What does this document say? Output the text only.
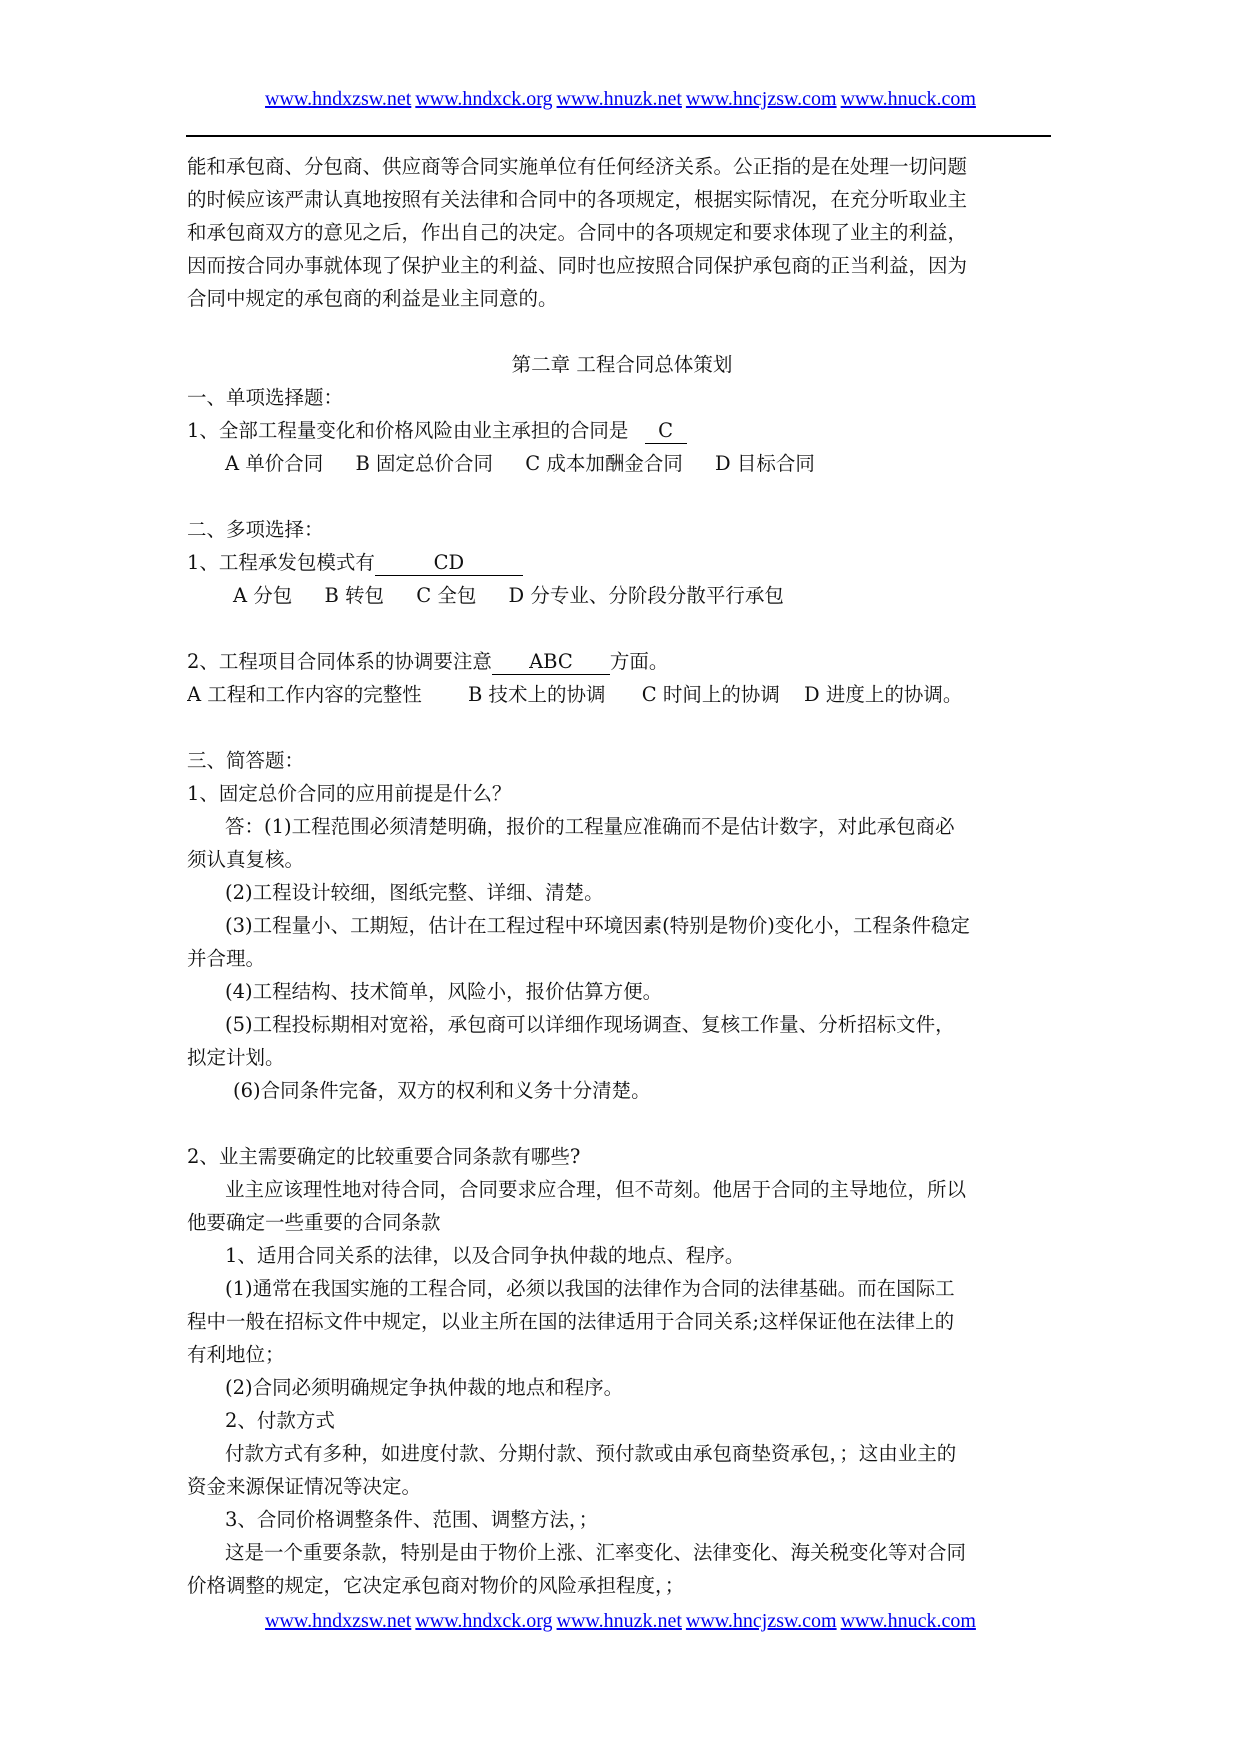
www.hndxzsw.net www.hndxck.org www.hnuzk.net www.hncjzsw.com www.hnuck.com
能和承包商、分包商、供应商等合同实施单位有任何经济关系。公正指的是在处理一切问题
的时候应该严肃认真地按照有关法律和合同中的各项规定，根据实际情况，在充分听取业主
和承包商双方的意见之后，作出自己的决定。合同中的各项规定和要求体现了业主的利益，
因而按合同办事就体现了保护业主的利益、同时也应按照合同保护承包商的正当利益，因为
合同中规定的承包商的利益是业主同意的。
第二章 工程合同总体策划
一、单项选择题：
1、全部工程量变化和价格风险由业主承担的合同是 C
A 单价合同 B 固定总价合同 C 成本加酬金合同 D 目标合同
二、多项选择：
1、工程承发包模式有	CD
A 分包 B 转包 C 全包 D 分专业、分阶段分散平行承包
2、工程项目合同体系的协调要注意 ABC 方面。
A 工程和工作内容的完整性 B 技术上的协调 C 时间上的协调 D 进度上的协调。
三、简答题：
1、固定总价合同的应用前提是什么？
答：(1)工程范围必须清楚明确，报价的工程量应准确而不是估计数字，对此承包商必
须认真复核。
(2)工程设计较细，图纸完整、详细、清楚。
(3)工程量小、工期短，估计在工程过程中环境因素(特别是物价)变化小，工程条件稳定
并合理。
(4)工程结构、技术简单，风险小，报价估算方便。
(5)工程投标期相对宽裕，承包商可以详细作现场调查、复核工作量、分析招标文件，
拟定计划。
(6)合同条件完备，双方的权利和义务十分清楚。
2、业主需要确定的比较重要合同条款有哪些?
业主应该理性地对待合同，合同要求应合理，但不苛刻。他居于合同的主导地位，所以
他要确定一些重要的合同条款
1、适用合同关系的法律，以及合同争执仲裁的地点、程序。
(1)通常在我国实施的工程合同，必须以我国的法律作为合同的法律基础。而在国际工
程中一般在招标文件中规定，以业主所在国的法律适用于合同关系;这样保证他在法律上的
有利地位；
(2)合同必须明确规定争执仲裁的地点和程序。
2、付款方式
付款方式有多种，如进度付款、分期付款、预付款或由承包商垫资承包，；这由业主的
资金来源保证情况等决定。
3、合同价格调整条件、范围、调整方法，；
这是一个重要条款，特别是由于物价上涨、汇率变化、法律变化、海关税变化等对合同
价格调整的规定，它决定承包商对物价的风险承担程度，；
www.hndxzsw.net www.hndxck.org www.hnuzk.net www.hncjzsw.com www.hnuck.com
